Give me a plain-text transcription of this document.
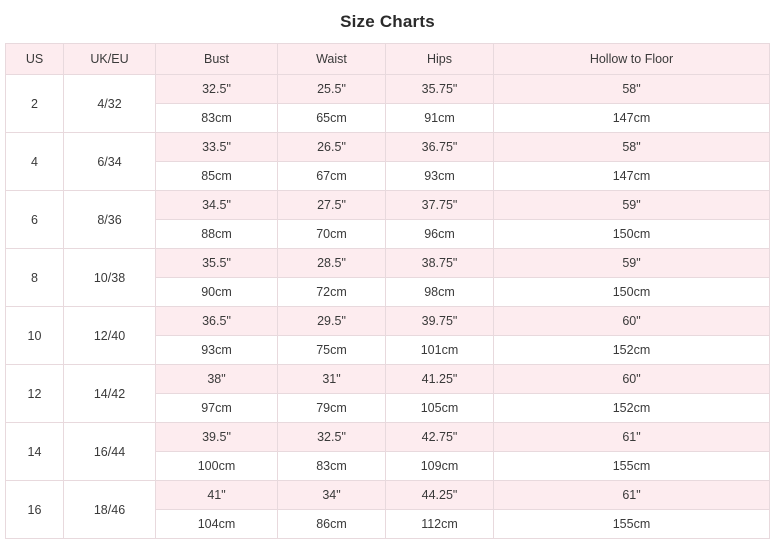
Size Charts
US	UK/EU	Bust	Waist	Hips	Hollow to Floor
2	4/32	32.5"	25.5"	35.75"	58"
		83cm	65cm	91cm	147cm
4	6/34	33.5"	26.5"	36.75"	58"
		85cm	67cm	93cm	147cm
6	8/36	34.5"	27.5"	37.75"	59"
		88cm	70cm	96cm	150cm
8	10/38	35.5"	28.5"	38.75"	59"
		90cm	72cm	98cm	150cm
10	12/40	36.5"	29.5"	39.75"	60"
		93cm	75cm	101cm	152cm
12	14/42	38"	31"	41.25"	60"
		97cm	79cm	105cm	152cm
14	16/44	39.5"	32.5"	42.75"	61"
		100cm	83cm	109cm	155cm
16	18/46	41"	34"	44.25"	61"
		104cm	86cm	112cm	155cm
